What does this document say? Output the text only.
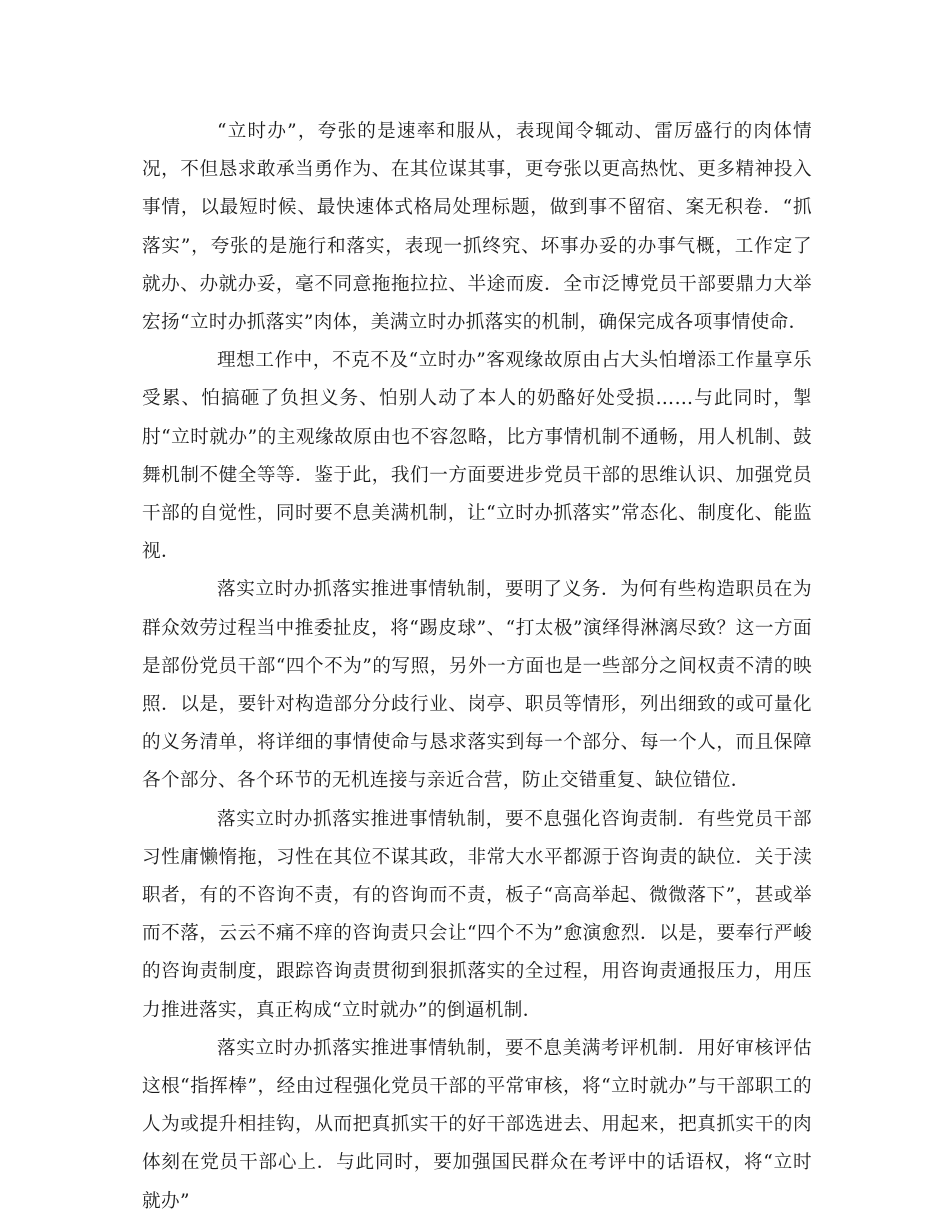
“立时办”，夸张的是速率和服从，表现闻令辄动、雷厉盛行的肉体情况，不但恳求敢承当勇作为、在其位谋其事，更夸张以更高热忱、更多精神投入事情，以最短时候、最快速体式格局处理标题，做到事不留宿、案无积卷．“抓落实”，夸张的是施行和落实，表现一抓终究、坏事办妥的办事气概，工作定了就办、办就办妥，毫不同意拖拖拉拉、半途而废．全市泛博党员干部要鼎力大举宏扬“立时办抓落实”肉体，美满立时办抓落实的机制，确保完成各项事情使命．

理想工作中，不克不及“立时办”客观缘故原由占大头怕增添工作量享乐受累、怕搞砸了负担义务、怕别人动了本人的奶酪好处受损……与此同时，掣肘“立时就办”的主观缘故原由也不容忽略，比方事情机制不通畅，用人机制、鼓舞机制不健全等等．鉴于此，我们一方面要进步党员干部的思维认识、加强党员干部的自觉性，同时要不息美满机制，让“立时办抓落实”常态化、制度化、能监视．

落实立时办抓落实推进事情轨制，要明了义务．为何有些构造职员在为群众效劳过程当中推委扯皮，将“踢皮球”、“打太极”演绎得淋漓尽致？这一方面是部份党员干部“四个不为”的写照，另外一方面也是一些部分之间权责不清的映照．以是，要针对构造部分分歧行业、岗亭、职员等情形，列出细致的或可量化的义务清单，将详细的事情使命与恳求落实到每一个部分、每一个人，而且保障各个部分、各个环节的无机连接与亲近合营，防止交错重复、缺位错位．

落实立时办抓落实推进事情轨制，要不息强化咨询责制．有些党员干部习性庸懒惰拖，习性在其位不谋其政，非常大水平都源于咨询责的缺位．关于渎职者，有的不咨询不责，有的咨询而不责，板子“高高举起、微微落下”，甚或举而不落，云云不痛不痒的咨询责只会让“四个不为”愈演愈烈．以是，要奉行严峻的咨询责制度，跟踪咨询责贯彻到狠抓落实的全过程，用咨询责通报压力，用压力推进落实，真正构成“立时就办”的倒逼机制．

落实立时办抓落实推进事情轨制，要不息美满考评机制．用好审核评估这根“指挥棒”，经由过程强化党员干部的平常审核，将“立时就办”与干部职工的人为或提升相挂钩，从而把真抓实干的好干部选进去、用起来，把真抓实干的肉体刻在党员干部心上．与此同时，要加强国民群众在考评中的话语权，将“立时就办”
